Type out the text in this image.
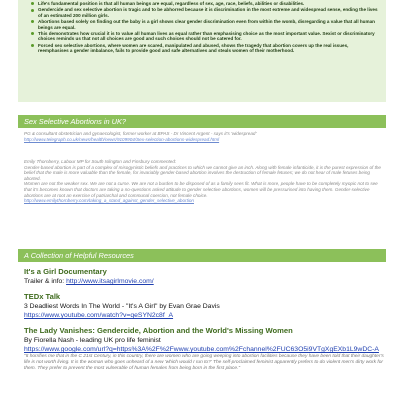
Life's fundamental position is that all human beings are equal, regardless of sex, age, race, beliefs, abilities or disabilities.
Gendercide and sex selective abortion is tragic and to be abhorred because it is discrimination in the most extreme and widespread sense, ending the lives of an estimated 200 million girls.
Abortions based solely on finding out the baby is a girl shows clear gender discrimination even from within the womb, disregarding a value that all human beings are equal.
This demonstrates how crucial it is to value all human lives as equal rather than emphasising choice as the most important value. Sexist or discriminatory choices reminds us that not all choices are good and such choices should not be catered for.
Forced sex selective abortions, where women are scared, manipulated and abused, shows the tragedy that abortion covers up the real issues, reemphasises a gender imbalance, fails to provide good and safe alternatives and steals women of their motherhood.
Sex Selective Abortions in UK?

PG & consultant obstetrician and gynaecologist, former worker at BPAS - Dr Vincent Argent - says it's 'widespread'

http://www.telegraph.co.uk/news/health/news/9109904/Sex-selection-abortions-widespread.html

Emily Thornberry, Labour MP for South Islington and Finsbury commented:

Gender-based abortion is part of a complex of misogynistic beliefs and practices to which we cannot give an inch. Along with female infanticide, it is the purest expression of the belief that the male is more valuable than the female, for invariably gender-based abortion involves the destruction of female fetuses; we do not hear of male fetuses being aborted.

Women are not the weaker sex. We are not a curse. We are not a burden to be disposed of as a family sees fit. What is more, people have to be completely myopic not to see that it's becomes known that doctors are taking a no-questions asked attitude to gender selective abortions, women will be pressurised into having them. Gender-selective abortions are at root an exercise of patriarchal and communal coercion, not female choice.

http://www.emilythornberry.com/taking_a_stand_against_gender_selective_abortion

A Collection of Helpful Resources
It's a Girl Documentary
Trailer & info: http://www.itsagirlmovie.com/
TEDx Talk
3 Deadliest Words In The World - "It's A Girl" by Evan Grae Davis
https://www.youtube.com/watch?v=qeSYN2c8f_A
The Lady Vanishes: Gendercide, Abortion and the World's Missing Women
By Fiorella Nash - leading UK pro life feminist
https://www.google.com/url?q=https%3A%2F%2Fwww.youtube.com%2Fchannel%2FUC63O5i9VTgXgEXb1L9wDC-A
"It horrifies me that in the C 21st Century, in this country, there are women who are going weeping into abortion facilities because they have been told that their daughter's life is not worth living. It is the woman who goes unheard of a new 'which would I run to?' The self-proclaimed feminist apparently prefers to do violent men's dirty work for them. They prefer to prevent the most vulnerable of human females from being born in the first place."
